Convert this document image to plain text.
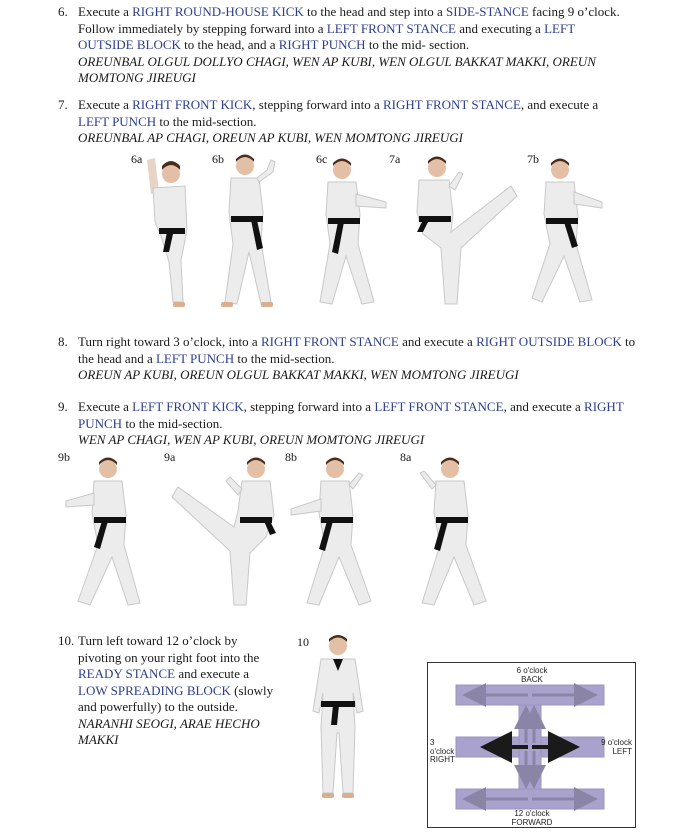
6. Execute a RIGHT ROUND-HOUSE KICK to the head and step into a SIDE-STANCE facing 9 o’clock. Follow immediately by stepping forward into a LEFT FRONT STANCE and executing a LEFT OUTSIDE BLOCK to the head, and a RIGHT PUNCH to the mid- section.
OREUNBAL OLGUL DOLLYO CHAGI, WEN AP KUBI, WEN OLGUL BAKKAT MAKKI, OREUN MOMTONG JIREUGI
7. Execute a RIGHT FRONT KICK, stepping forward into a RIGHT FRONT STANCE, and execute a LEFT PUNCH to the mid-section.
OREUNBAL AP CHAGI, OREUN AP KUBI, WEN MOMTONG JIREUGI
6a	6b	6c	7a	7b
8. Turn right toward 3 o’clock, into a RIGHT FRONT STANCE and execute a RIGHT OUTSIDE BLOCK to the head and a LEFT PUNCH to the mid-section.
OREUN AP KUBI, OREUN OLGUL BAKKAT MAKKI, WEN MOMTONG JIREUGI
9. Execute a LEFT FRONT KICK, stepping forward into a LEFT FRONT STANCE, and execute a RIGHT PUNCH to the mid-section.
WEN AP CHAGI, WEN AP KUBI, OREUN MOMTONG JIREUGI
9b	9a	8b	8a
10. Turn left toward 12 o’clock by pivoting on your right foot into the READY STANCE and execute a LOW SPREADING BLOCK (slowly and powerfully) to the outside.
NARANHI SEOGI, ARAE HECHO MAKKI
10
6 o'clock
BACK
12 o'clock
FORWARD
3 o'clock
RIGHT
9 o'clock
LEFT
